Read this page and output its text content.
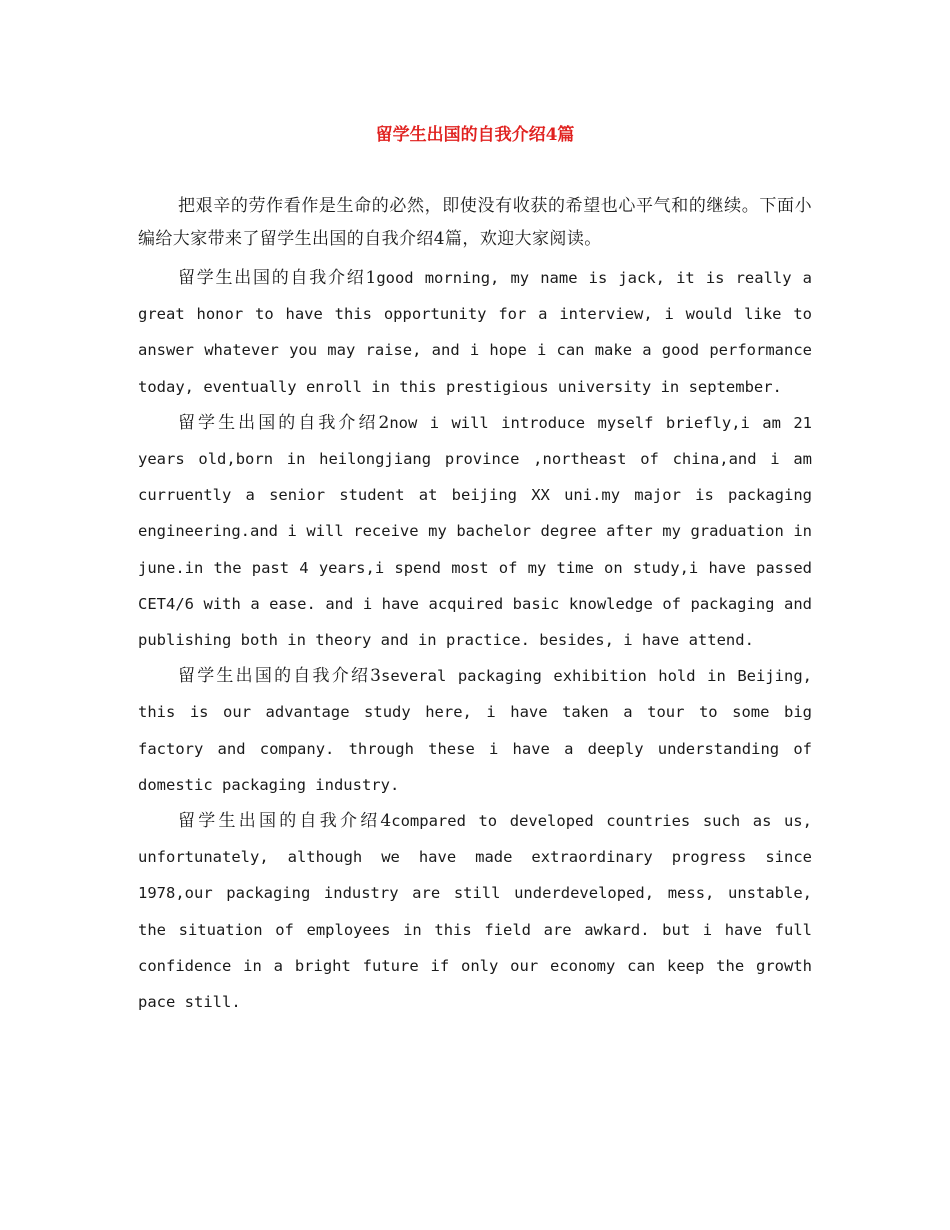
留学生出国的自我介绍4篇

把艰辛的劳作看作是生命的必然，即使没有收获的希望也心平气和的继续。下面小编给大家带来了留学生出国的自我介绍4篇，欢迎大家阅读。

留学生出国的自我介绍1good morning, my name is jack, it is really a great honor to have this opportunity for a interview, i would like to answer whatever you may raise, and i hope i can make a good performance today, eventually enroll in this prestigious university in september.

留学生出国的自我介绍2now i will introduce myself briefly,i am 21 years old,born in heilongjiang province ,northeast of china,and i am curruently a senior student at beijing XX uni.my major is packaging engineering.and i will receive my bachelor degree after my graduation in june.in the past 4 years,i spend most of my time on study,i have passed CET4/6 with a ease. and i have acquired basic knowledge of packaging and publishing both in theory and in practice. besides, i have attend.

留学生出国的自我介绍3several packaging exhibition hold in Beijing, this is our advantage study here, i have taken a tour to some big factory and company. through these i have a deeply understanding of domestic packaging industry.

留学生出国的自我介绍4compared to developed countries such as us, unfortunately, although we have made extraordinary progress since 1978,our packaging industry are still underdeveloped, mess, unstable, the situation of employees in this field are awkard. but i have full confidence in a bright future if only our economy can keep the growth pace still.
